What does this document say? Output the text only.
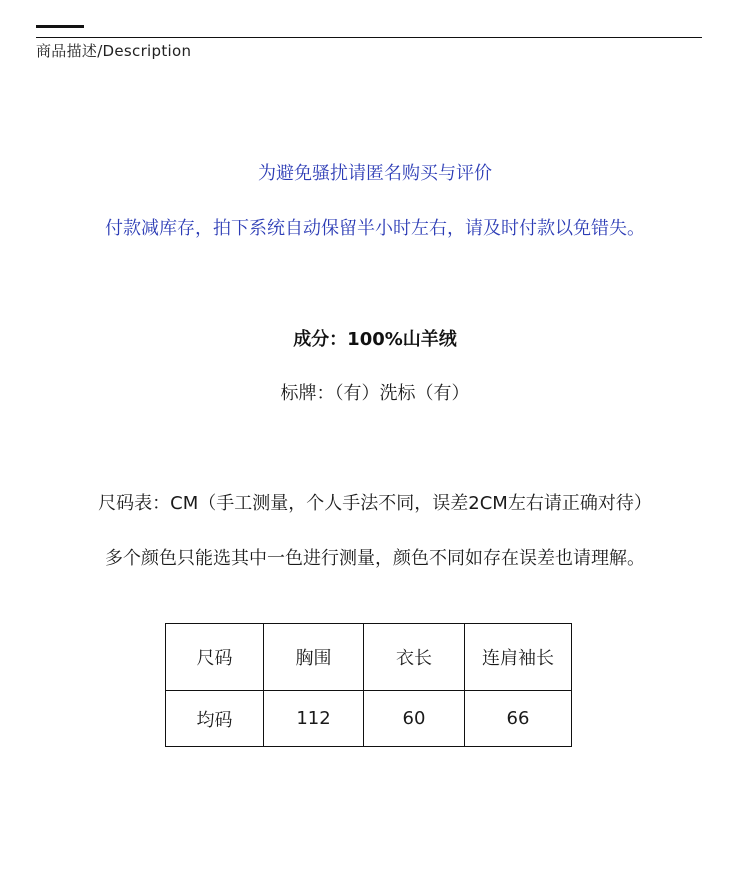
商品描述/Description
为避免骚扰请匿名购买与评价
付款减库存，拍下系统自动保留半小时左右，请及时付款以免错失。
成分：100%山羊绒
标牌：（有）洗标（有）
尺码表：CM（手工测量，个人手法不同，误差2CM左右请正确对待）
多个颜色只能选其中一色进行测量，颜色不同如存在误差也请理解。
尺码	胸围	衣长	连肩袖长
均码	112	60	66
